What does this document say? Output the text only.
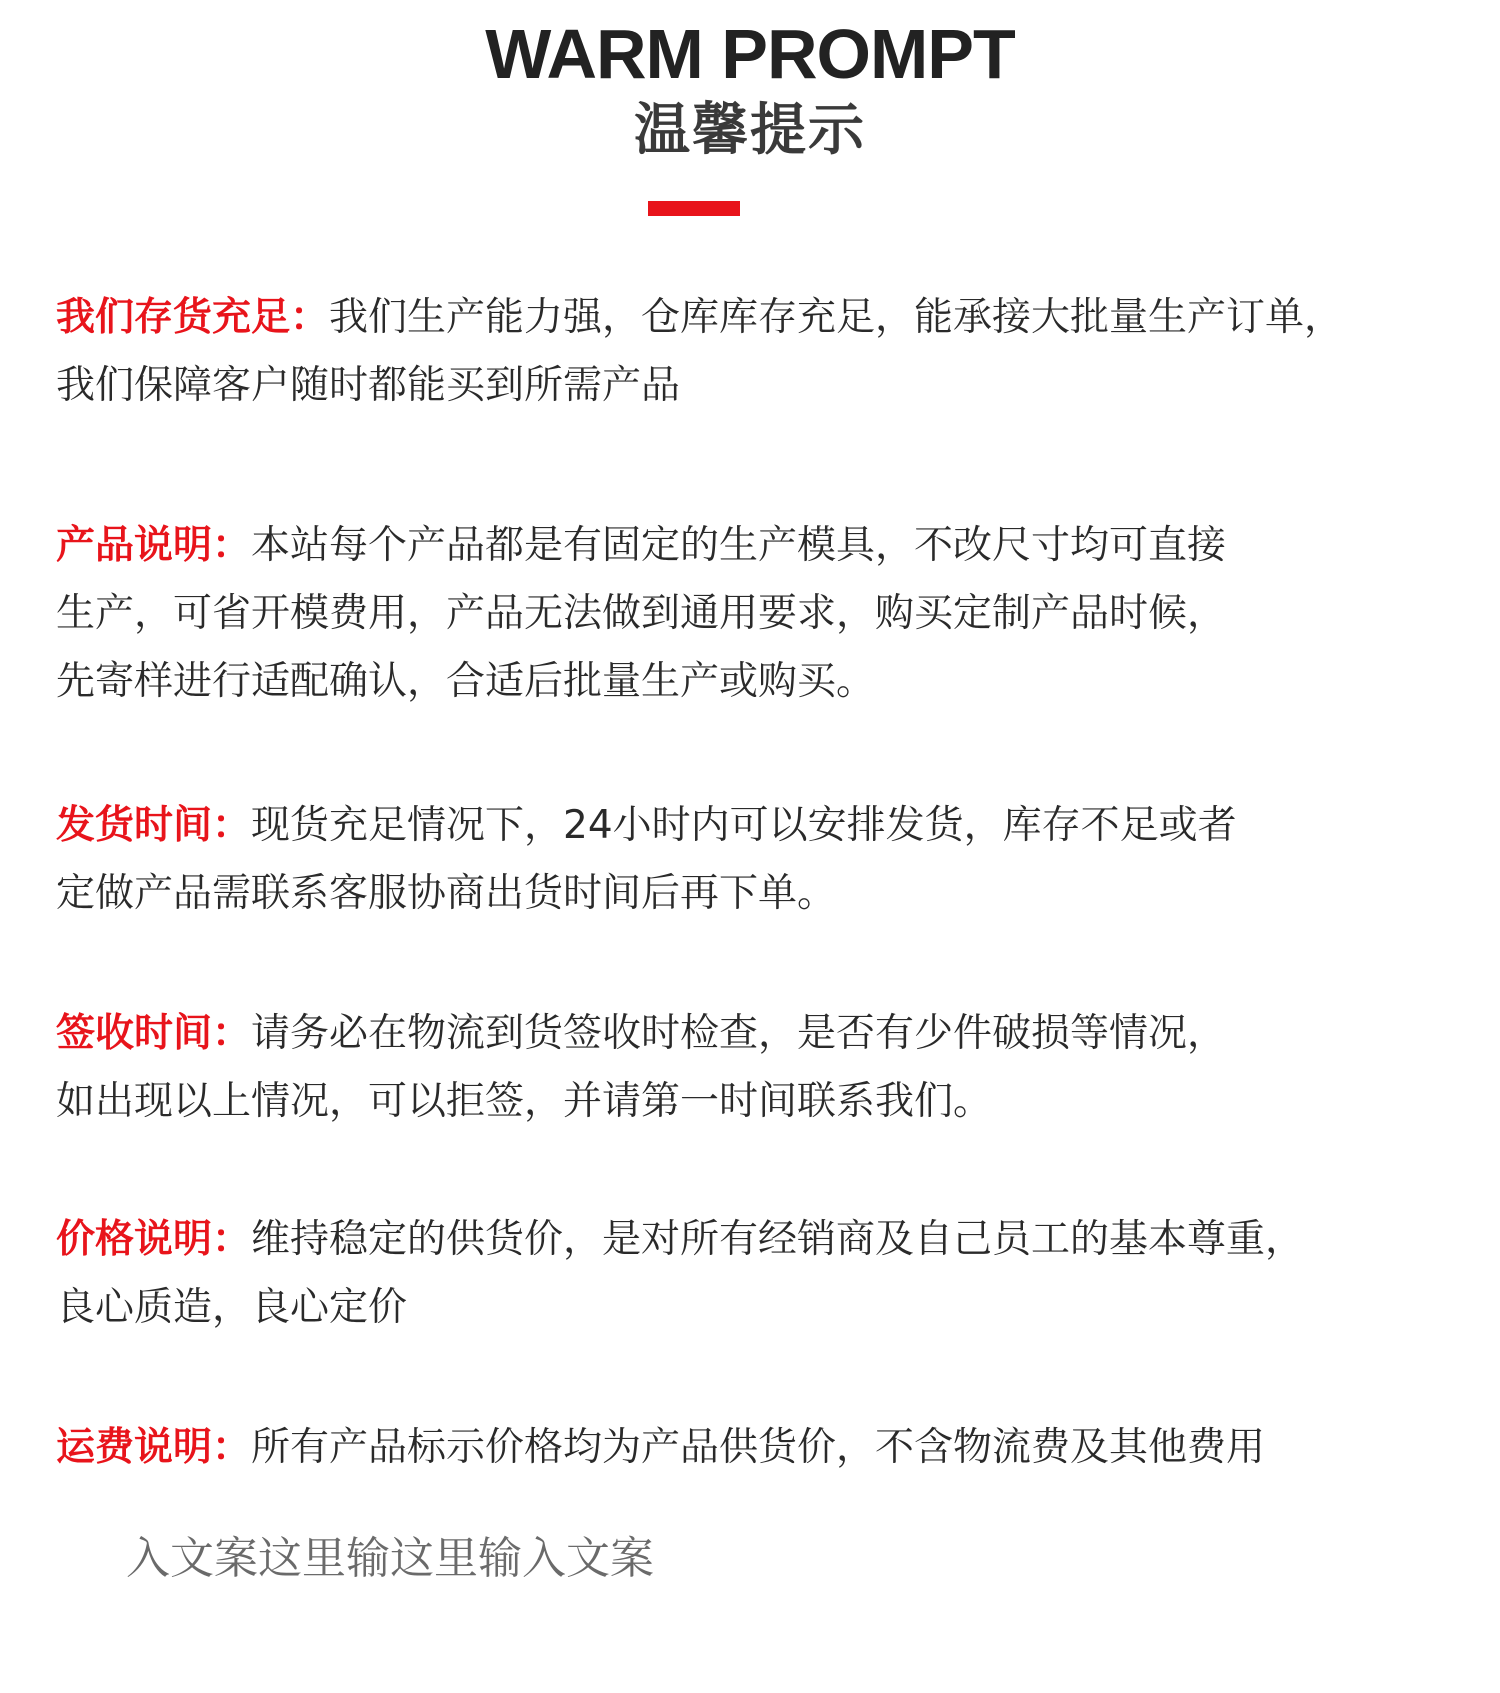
WARM PROMPT
温馨提示
我们存货充足：我们生产能力强，仓库库存充足，能承接大批量生产订单，
我们保障客户随时都能买到所需产品
产品说明：本站每个产品都是有固定的生产模具，不改尺寸均可直接
生产，可省开模费用，产品无法做到通用要求，购买定制产品时候，
先寄样进行适配确认，合适后批量生产或购买。
发货时间：现货充足情况下，24小时内可以安排发货，库存不足或者
定做产品需联系客服协商出货时间后再下单。
签收时间：请务必在物流到货签收时检查，是否有少件破损等情况，
如出现以上情况，可以拒签，并请第一时间联系我们。
价格说明：维持稳定的供货价，是对所有经销商及自己员工的基本尊重，
良心质造，良心定价
运费说明：所有产品标示价格均为产品供货价，不含物流费及其他费用

入文案这里输这里输入文案
